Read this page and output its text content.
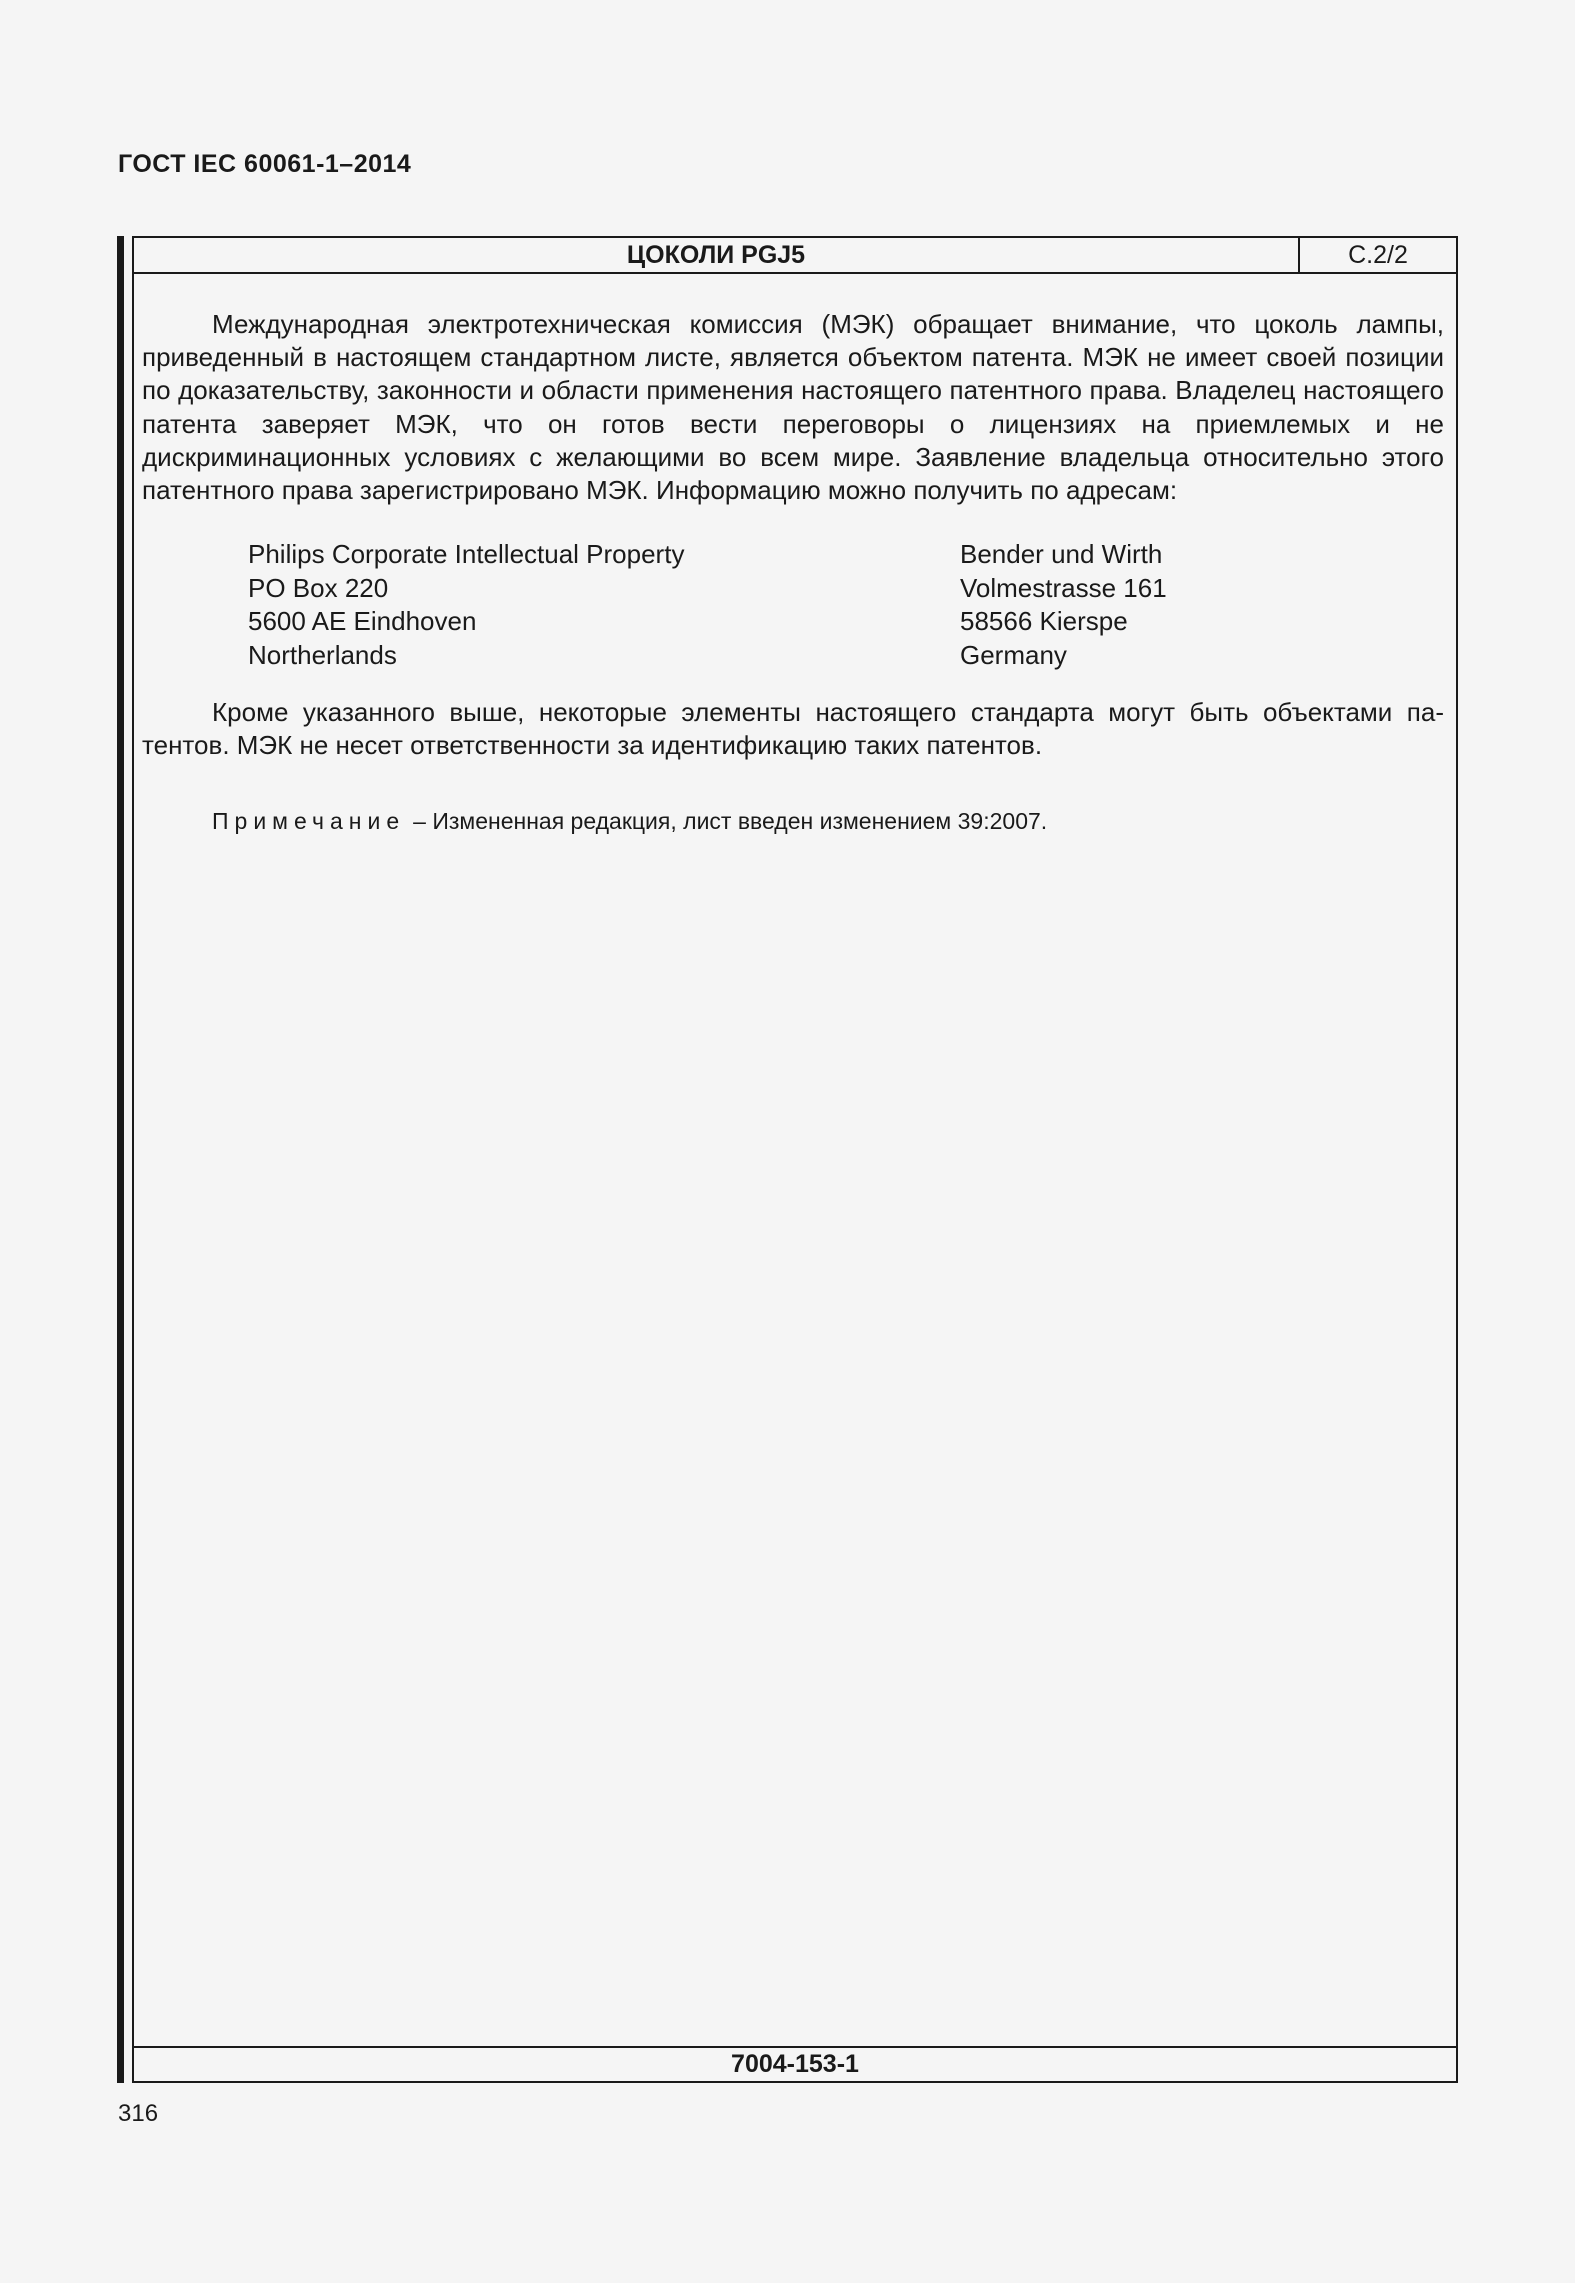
ГОСТ IEC 60061-1–2014
ЦОКОЛИ PGJ5	С.2/2

Международная электротехническая комиссия (МЭК) обращает внимание, что цоколь лампы, приведенный в настоящем стандартном листе, является объектом патента. МЭК не имеет своей позиции по доказательству, законности и области применения настоящего патентного права. Владелец настоящего патента заверяет МЭК, что он готов вести переговоры о лицензиях на приемлемых и не дискриминационных условиях с желающими во всем мире. Заявление владельца относительно этого патентного права зарегистрировано МЭК. Информацию можно получить по адресам:

Philips Corporate Intellectual Property
PO Box 220
5600 AE Eindhoven
Northerlands
Bender und Wirth
Volmestrasse 161
58566 Kierspe
Germany

Кроме указанного выше, некоторые элементы настоящего стандарта могут быть объектами патентов. МЭК не несет ответственности за идентификацию таких патентов.

Примечание – Измененная редакция, лист введен изменением 39:2007.
7004-153-1
316
